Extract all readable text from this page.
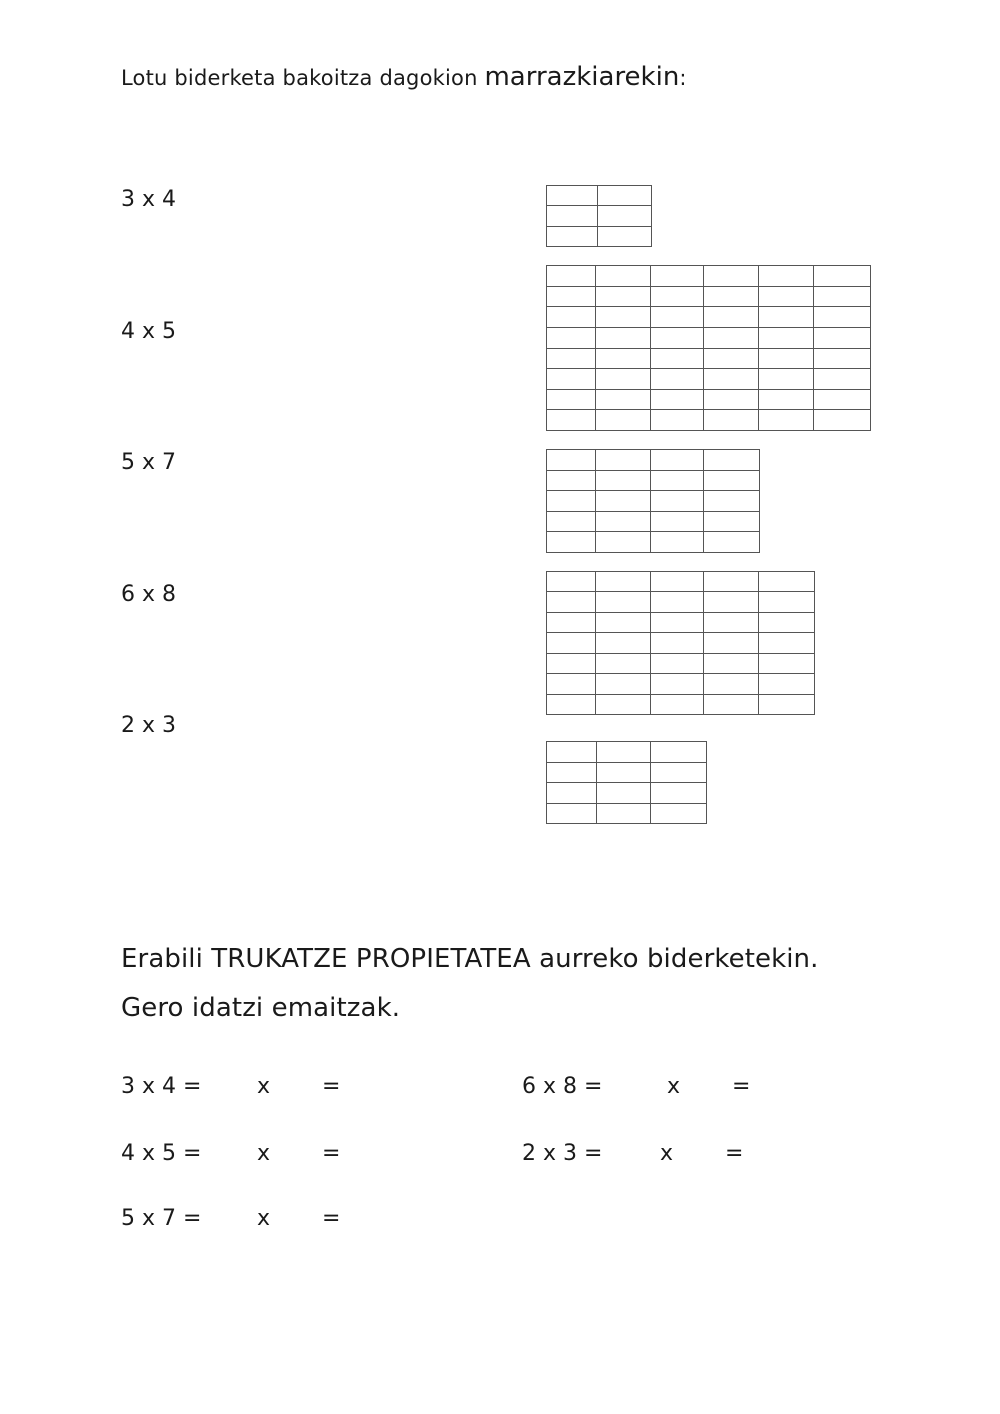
Lotu biderketa bakoitza dagokion marrazkiarekin:
3 x 4
4 x 5
5 x 7
6 x 8
2 x 3

Erabili TRUKATZE PROPIETATEA aurreko biderketekin.
Gero idatzi emaitzak.
3 x 4 =	x =
4 x 5 =	x =
5 x 7 =	x =
6 x 8 =	x =
2 x 3 =	x =
